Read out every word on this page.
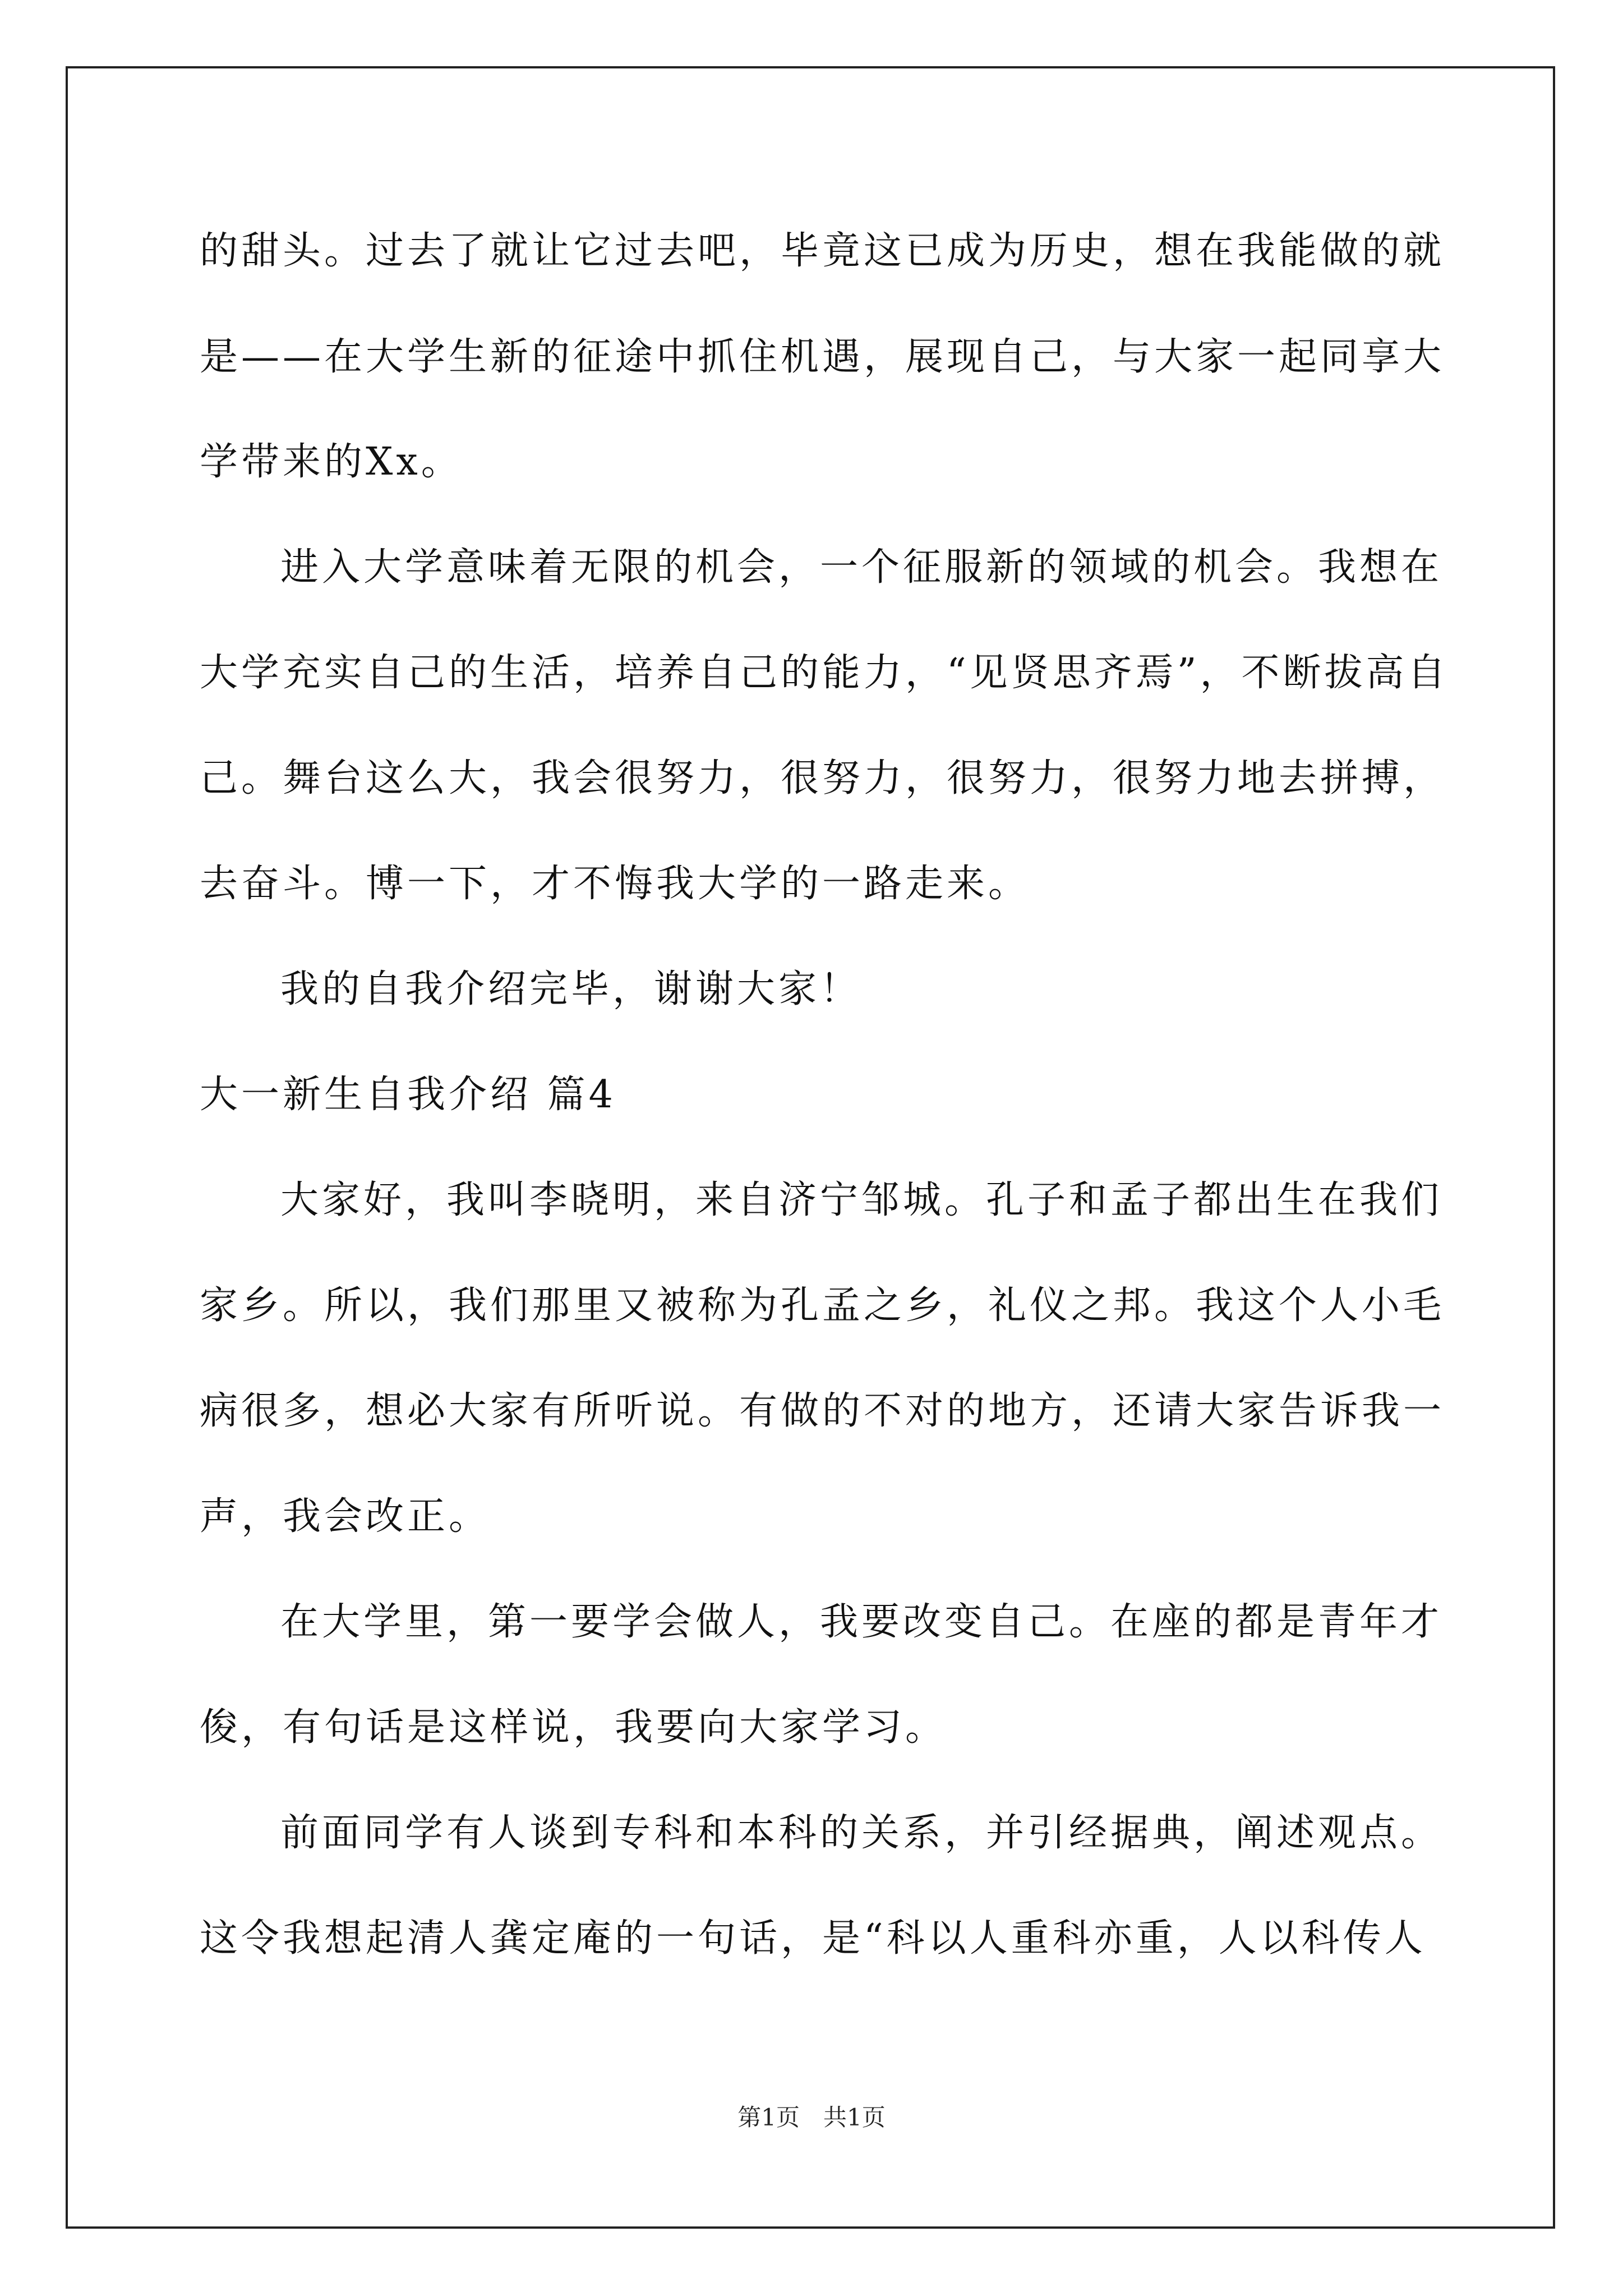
的甜头。过去了就让它过去吧，毕竟这已成为历史，想在我能做的就
是——在大学生新的征途中抓住机遇，展现自己，与大家一起同享大
学带来的Xx。
进入大学意味着无限的机会，一个征服新的领域的机会。我想在
大学充实自己的生活，培养自己的能力，“见贤思齐焉”，不断拔高自
己。舞台这么大，我会很努力，很努力，很努力，很努力地去拼搏，
去奋斗。博一下，才不悔我大学的一路走来。
我的自我介绍完毕，谢谢大家！
大一新生自我介绍 篇4
大家好，我叫李晓明，来自济宁邹城。孔子和孟子都出生在我们
家乡。所以，我们那里又被称为孔孟之乡，礼仪之邦。我这个人小毛
病很多，想必大家有所听说。有做的不对的地方，还请大家告诉我一
声，我会改正。
在大学里，第一要学会做人，我要改变自己。在座的都是青年才
俊，有句话是这样说，我要向大家学习。
前面同学有人谈到专科和本科的关系，并引经据典，阐述观点。
这令我想起清人龚定庵的一句话，是“科以人重科亦重，人以科传人
第1页　共1页
